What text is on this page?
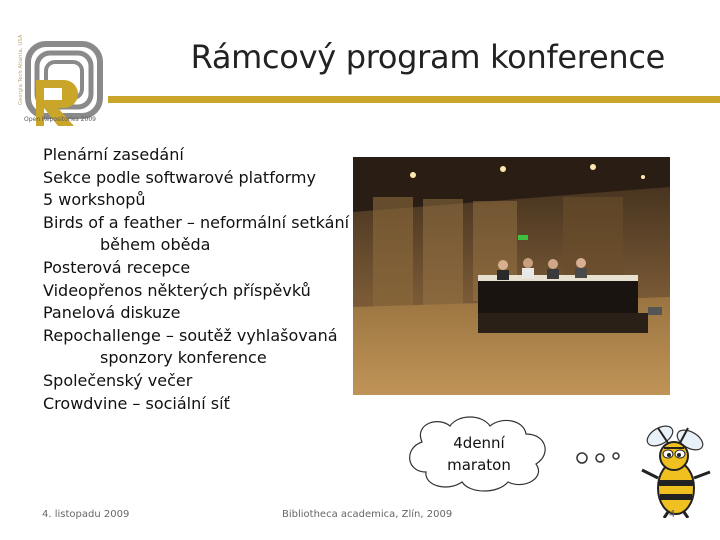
Georgia Tech Atlanta, USA
Open Repositories 2009
Rámcový program konference
Plenární zasedání
Sekce podle softwarové platformy
5 workshopů
Birds of a feather – neformální setkání
během oběda
Posterová recepce
Videopřenos některých příspěvků
Panelová diskuze
Repochallenge – soutěž vyhlašovaná
sponzory konference
Společenský večer
Crowdvine – sociální síť
4denní
maraton
4. listopadu 2009	Bibliotheca academica, Zlín, 2009	4
